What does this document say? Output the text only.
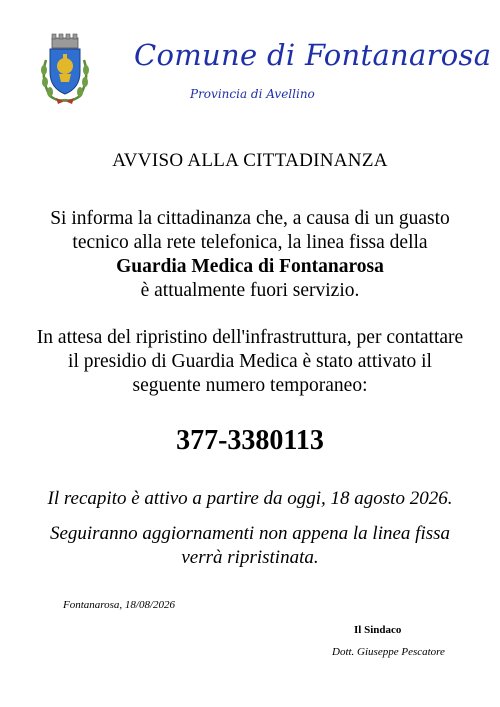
Comune di Fontanarosa
Provincia di Avellino
AVVISO ALLA CITTADINANZA
Si informa la cittadinanza che, a causa di un guasto
tecnico alla rete telefonica, la linea fissa della
Guardia Medica di Fontanarosa
è attualmente fuori servizio.
In attesa del ripristino dell'infrastruttura, per contattare
il presidio di Guardia Medica è stato attivato il
seguente numero temporaneo:
377-3380113
Il recapito è attivo a partire da oggi, 18 agosto 2026.
Seguiranno aggiornamenti non appena la linea fissa
verrà ripristinata.
Fontanarosa, 18/08/2026
Il Sindaco
Dott. Giuseppe Pescatore
